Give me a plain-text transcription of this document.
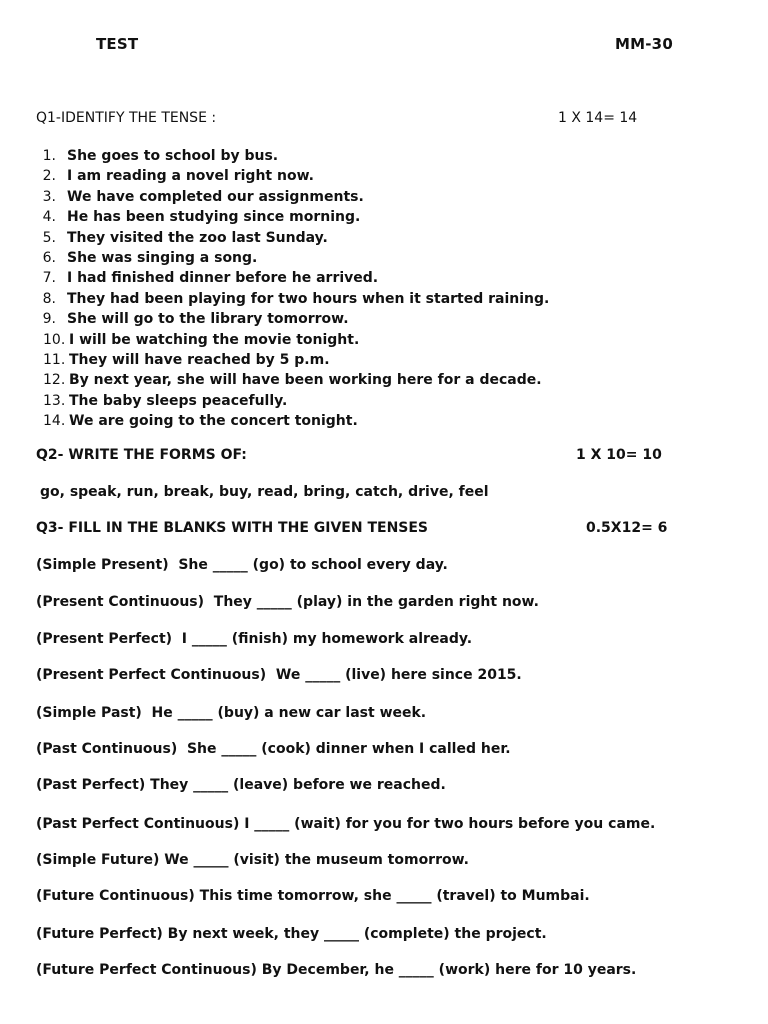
TEST	MM-30
Q1-IDENTIFY THE TENSE :	1 X 14= 14
1. She goes to school by bus.
2. I am reading a novel right now.
3. We have completed our assignments.
4. He has been studying since morning.
5. They visited the zoo last Sunday.
6. She was singing a song.
7. I had finished dinner before he arrived.
8. They had been playing for two hours when it started raining.
9. She will go to the library tomorrow.
10. I will be watching the movie tonight.
11. They will have reached by 5 p.m.
12. By next year, she will have been working here for a decade.
13. The baby sleeps peacefully.
14. We are going to the concert tonight.
Q2- WRITE THE FORMS OF:	1 X 10= 10
go, speak, run, break, buy, read, bring, catch, drive, feel
Q3- FILL IN THE BLANKS WITH THE GIVEN TENSES	0.5X12= 6
(Simple Present)  She _____ (go) to school every day.
(Present Continuous)  They _____ (play) in the garden right now.
(Present Perfect)  I _____ (finish) my homework already.
(Present Perfect Continuous)  We _____ (live) here since 2015.
(Simple Past)  He _____ (buy) a new car last week.
(Past Continuous)  She _____ (cook) dinner when I called her.
(Past Perfect) They _____ (leave) before we reached.
(Past Perfect Continuous) I _____ (wait) for you for two hours before you came.
(Simple Future) We _____ (visit) the museum tomorrow.
(Future Continuous) This time tomorrow, she _____ (travel) to Mumbai.
(Future Perfect) By next week, they _____ (complete) the project.
(Future Perfect Continuous) By December, he _____ (work) here for 10 years.
